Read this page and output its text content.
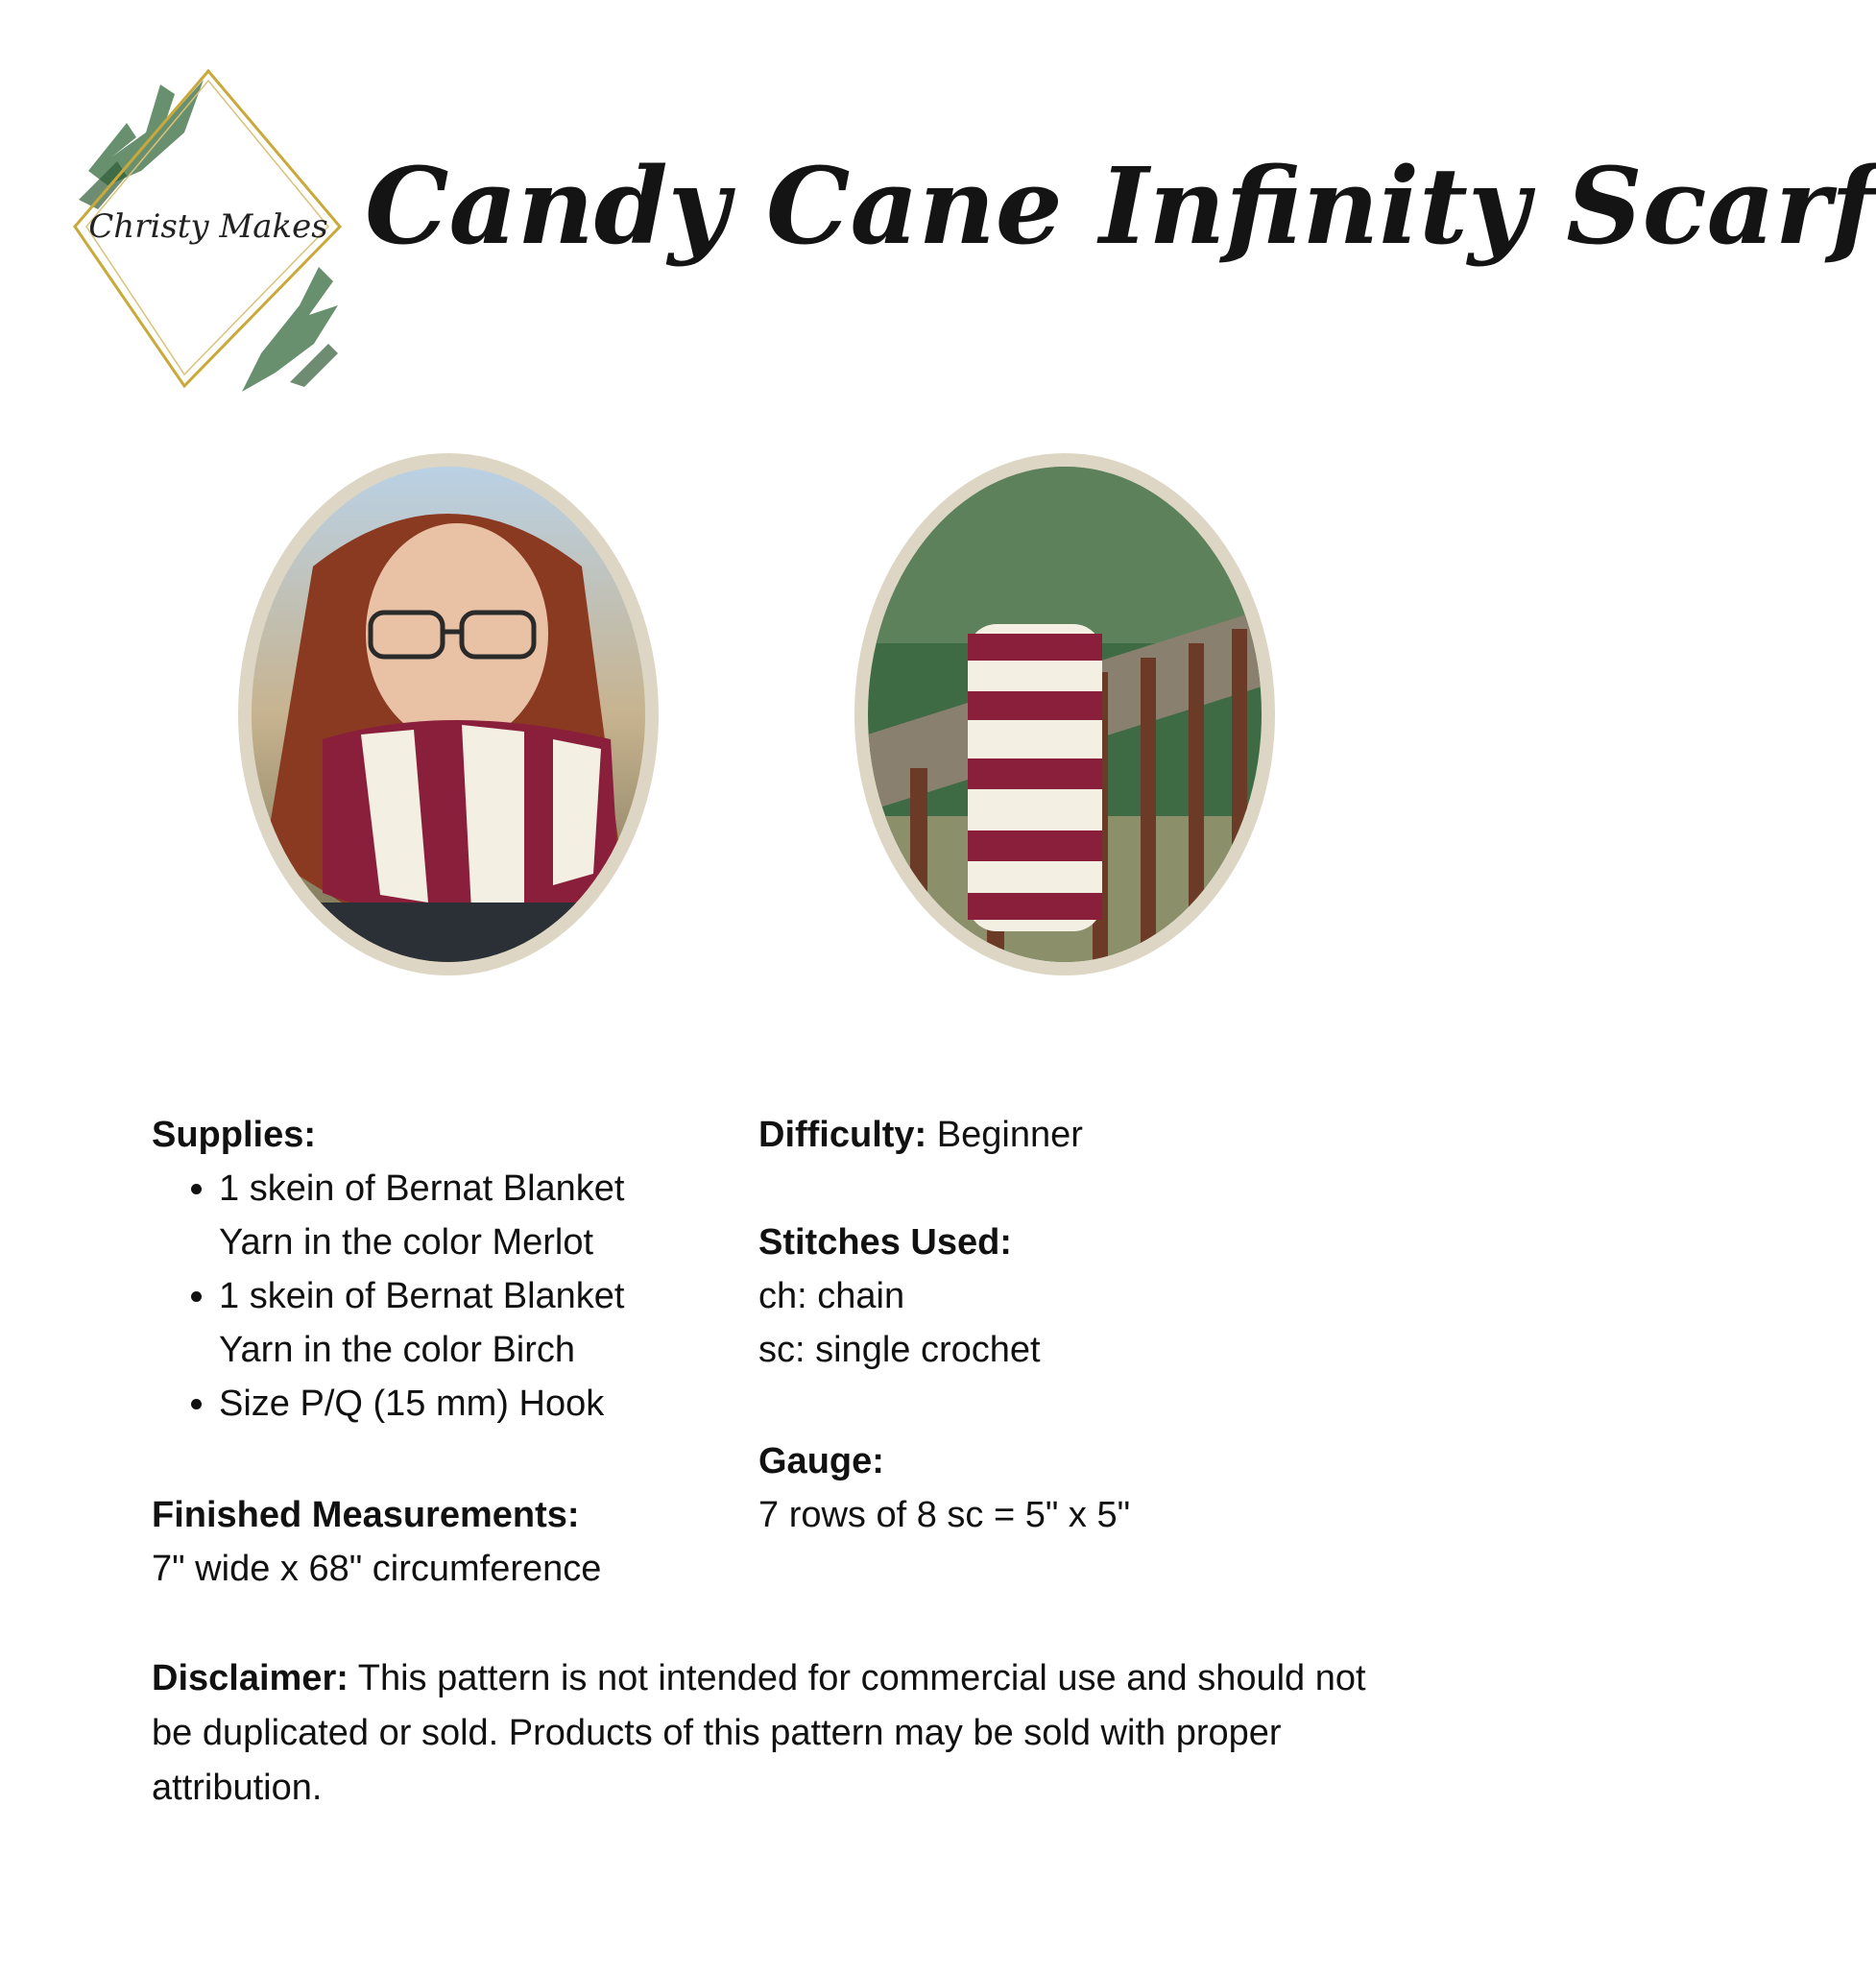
Christy Makes Candy Cane Infinity Scarf
Supplies:
• 1 skein of Bernat Blanket Yarn in the color Merlot
• 1 skein of Bernat Blanket Yarn in the color Birch
• Size P/Q (15 mm) Hook
Finished Measurements:
7" wide x 68" circumference
Difficulty: Beginner
Stitches Used:
ch: chain
sc: single crochet
Gauge:
7 rows of 8 sc = 5" x 5"
Disclaimer: This pattern is not intended for commercial use and should not be duplicated or sold. Products of this pattern may be sold with proper attribution.
